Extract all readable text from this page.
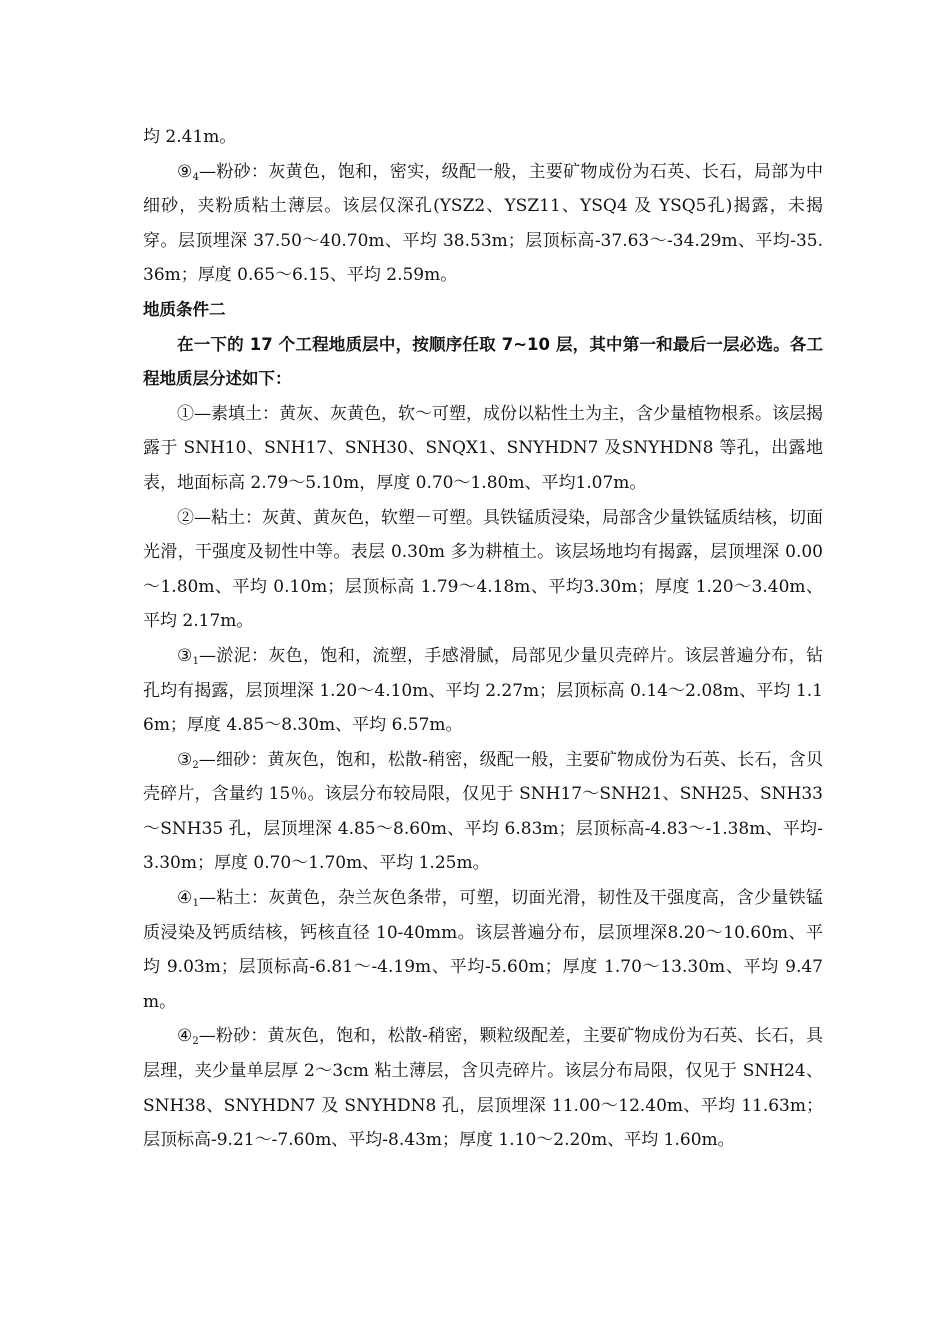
均 2.41m。

$⑨_4—$粉砂：灰黄色，饱和，密实，级配一般，主要矿物成份为石英、长石，局部为中细砂，夹粉质粘土薄层。该层仅深孔(YSZ2、YSZ11、YSQ4 及 YSQ5孔)揭露，未揭穿。层顶埋深 37.50～40.70m、平均 38.53m；层顶标高-37.63～-34.29m、平均-35.36m；厚度 0.65～6.15、平均 2.59m。

地质条件二

在一下的 17 个工程地质层中，按顺序任取 7~10 层，其中第一和最后一层必选。各工程地质层分述如下：

①—素填土：黄灰、灰黄色，软～可塑，成份以粘性土为主，含少量植物根系。该层揭露于 SNH10、SNH17、SNH30、SNQX1、SNYHDN7 及SNYHDN8 等孔，出露地表，地面标高 2.79～5.10m，厚度 0.70～1.80m、平均1.07m。

②—粘土：灰黄、黄灰色，软塑－可塑。具铁锰质浸染，局部含少量铁锰质结核，切面光滑，干强度及韧性中等。表层 0.30m 多为耕植土。该层场地均有揭露，层顶埋深 0.00～1.80m、平均 0.10m；层顶标高 1.79～4.18m、平均3.30m；厚度 1.20～3.40m、平均 2.17m。

$③_1—$淤泥：灰色，饱和，流塑，手感滑腻，局部见少量贝壳碎片。该层普遍分布，钻孔均有揭露，层顶埋深 1.20～4.10m、平均 2.27m；层顶标高 0.14～2.08m、平均 1.16m；厚度 4.85～8.30m、平均 6.57m。

$③_2—$细砂：黄灰色，饱和，松散-稍密，级配一般，主要矿物成份为石英、长石，含贝壳碎片，含量约 15％。该层分布较局限，仅见于 SNH17～SNH21、SNH25、SNH33～SNH35 孔，层顶埋深 4.85～8.60m、平均 6.83m；层顶标高-4.83～-1.38m、平均-3.30m；厚度 0.70～1.70m、平均 1.25m。

$④_1—$粘土：灰黄色，杂兰灰色条带，可塑，切面光滑，韧性及干强度高，含少量铁锰质浸染及钙质结核，钙核直径 10-40mm。该层普遍分布，层顶埋深8.20～10.60m、平均 9.03m；层顶标高-6.81～-4.19m、平均-5.60m；厚度 1.70～13.30m、平均 9.47m。

$④_2—$粉砂：黄灰色，饱和，松散-稍密，颗粒级配差，主要矿物成份为石英、长石，具层理，夹少量单层厚 2～3cm 粘土薄层，含贝壳碎片。该层分布局限，仅见于 SNH24、SNH38、SNYHDN7 及 SNYHDN8 孔，层顶埋深 11.00～12.40m、平均 11.63m；层顶标高-9.21～-7.60m、平均-8.43m；厚度 1.10～2.20m、平均 1.60m。
